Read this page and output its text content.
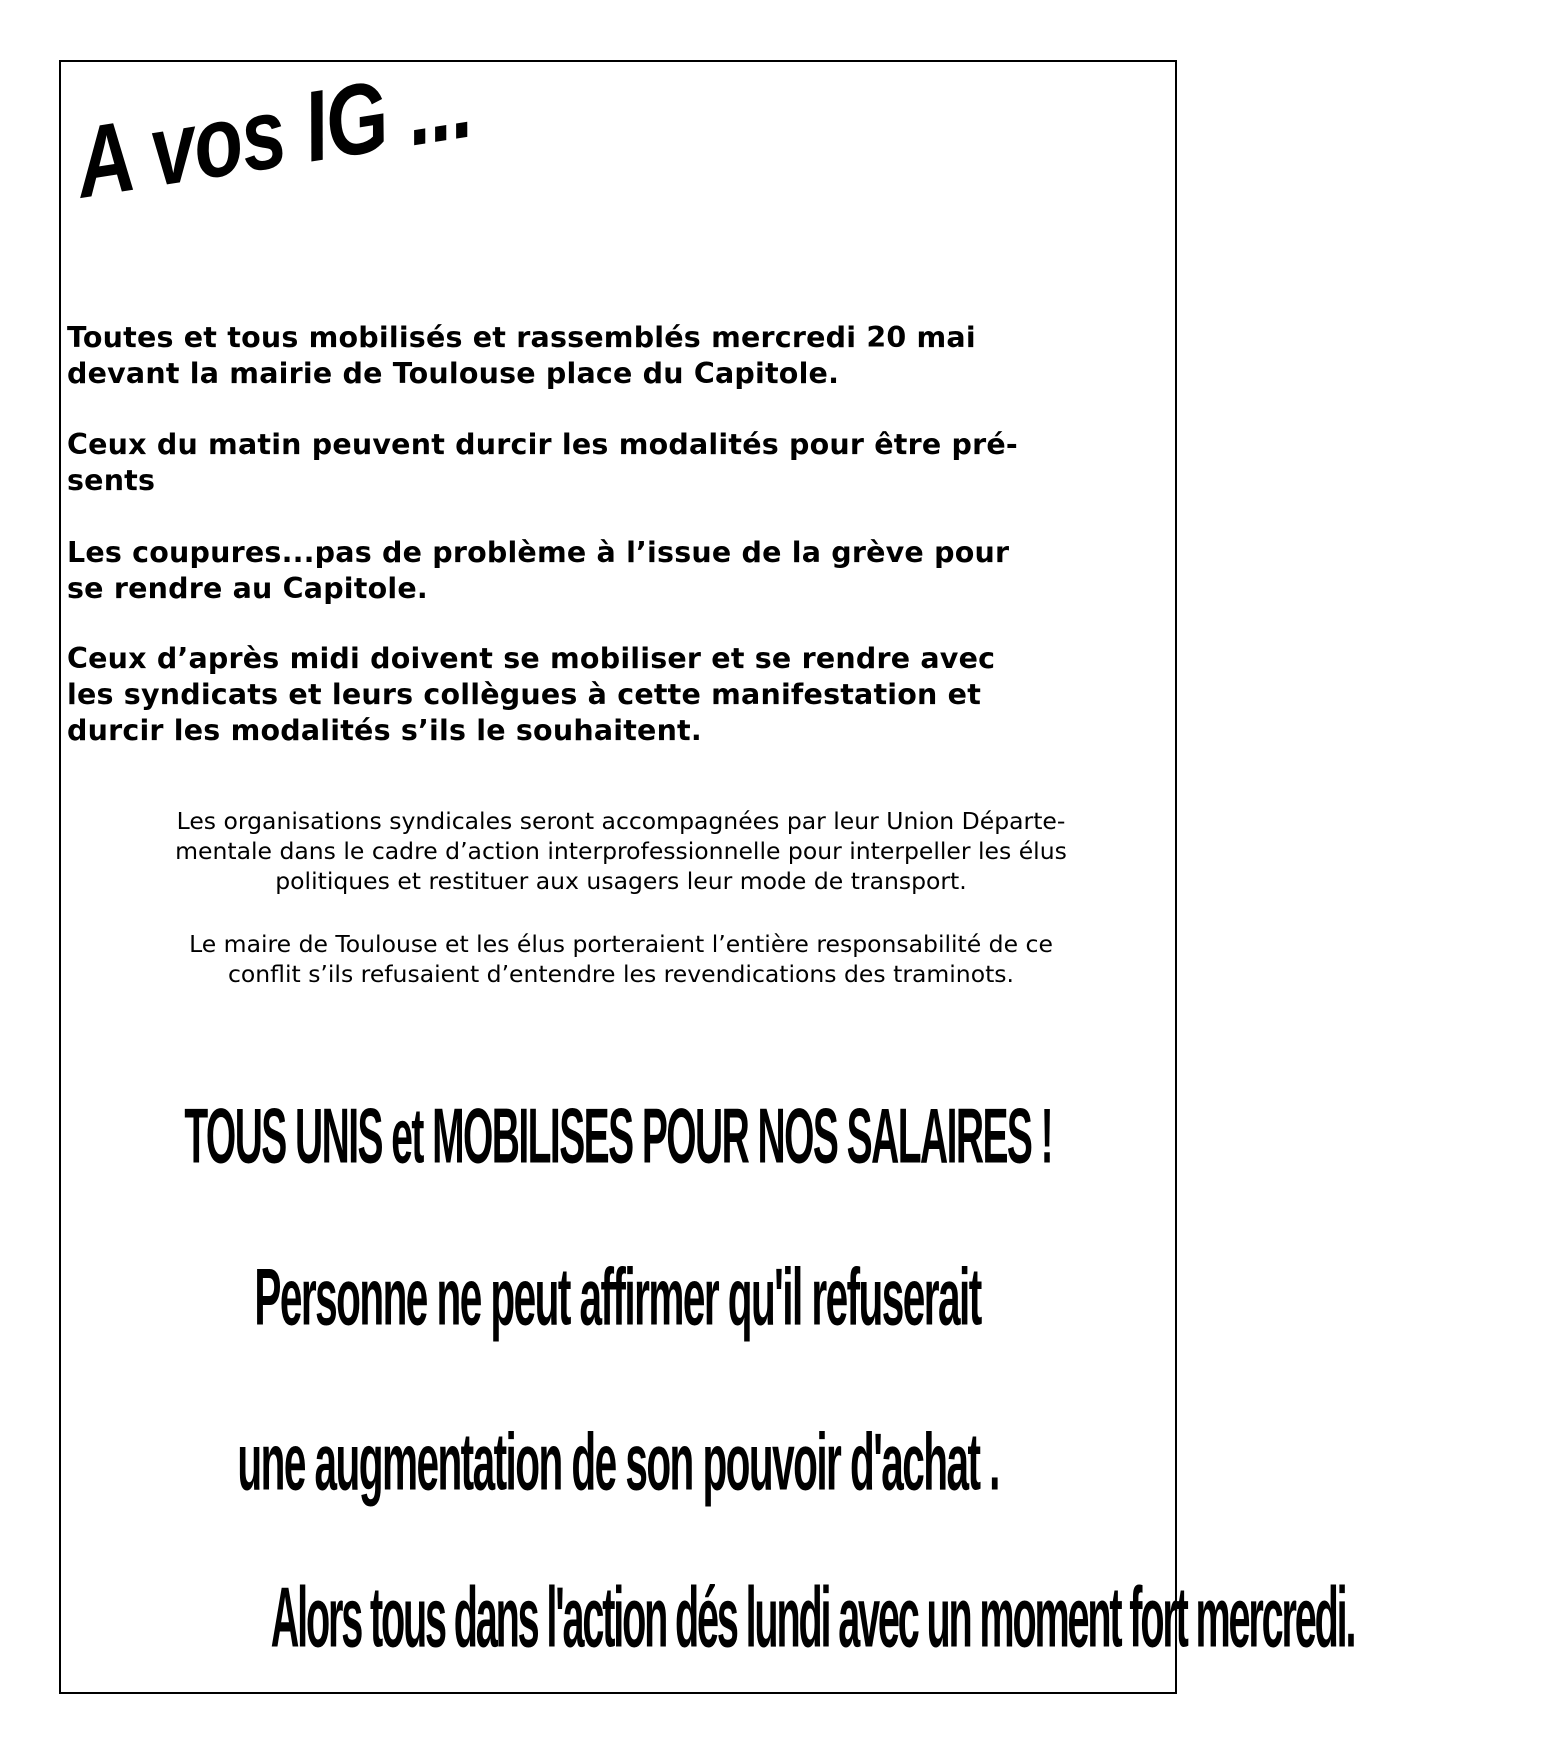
A vos IG ...

Toutes et tous mobilisés et rassemblés mercredi 20 mai
devant la mairie de Toulouse place du Capitole.

Ceux du matin peuvent durcir les modalités pour être pré-
sents

Les coupures...pas de problème à l’issue de la grève pour
se rendre au Capitole.

Ceux d’après midi doivent se mobiliser et se rendre avec
les syndicats et leurs collègues à cette manifestation et
durcir les modalités s’ils le souhaitent.

Les organisations syndicales seront accompagnées par leur Union Départe-
mentale dans le cadre d’action interprofessionnelle pour interpeller les élus
politiques et restituer aux usagers leur mode de transport.

Le maire de Toulouse et les élus porteraient l’entière responsabilité de ce
conflit s’ils refusaient d’entendre les revendications des traminots.

TOUS UNIS et MOBILISES POUR NOS SALAIRES !

Personne ne peut affirmer qu'il refuserait

une augmentation de son pouvoir d'achat .

Alors tous dans l'action dés lundi avec un moment fort mercredi.
